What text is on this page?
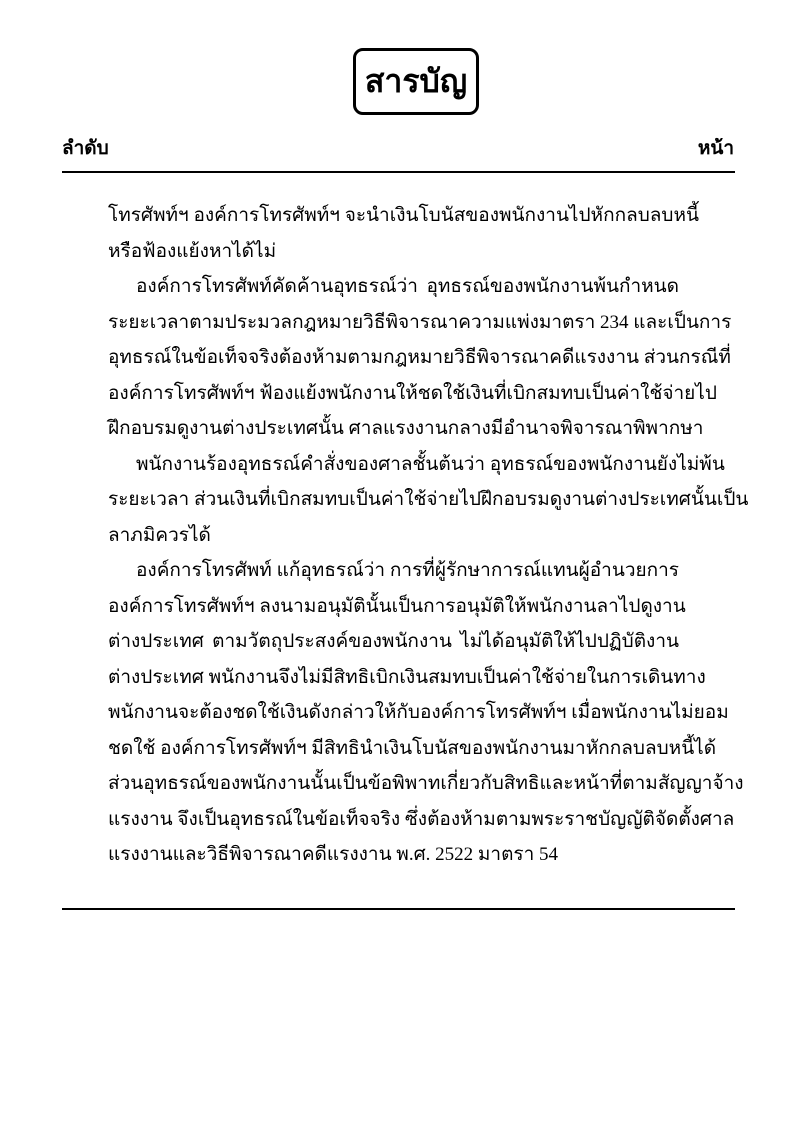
สารบัญ
ลำดับ	หน้า
โทรศัพท์ฯ องค์การโทรศัพท์ฯ จะนำเงินโบนัสของพนักงานไปหักกลบลบหนี้
หรือฟ้องแย้งหาได้ไม่
องค์การโทรศัพท์คัดค้านอุทธรณ์ว่า อุทธรณ์ของพนักงานพ้นกำหนด
ระยะเวลาตามประมวลกฎหมายวิธีพิจารณาความแพ่งมาตรา 234 และเป็นการ
อุทธรณ์ในข้อเท็จจริงต้องห้ามตามกฎหมายวิธีพิจารณาคดีแรงงาน ส่วนกรณีที่
องค์การโทรศัพท์ฯ ฟ้องแย้งพนักงานให้ชดใช้เงินที่เบิกสมทบเป็นค่าใช้จ่ายไป
ฝึกอบรมดูงานต่างประเทศนั้น ศาลแรงงานกลางมีอำนาจพิจารณาพิพากษา
พนักงานร้องอุทธรณ์คำสั่งของศาลชั้นต้นว่า อุทธรณ์ของพนักงานยังไม่พ้น
ระยะเวลา ส่วนเงินที่เบิกสมทบเป็นค่าใช้จ่ายไปฝึกอบรมดูงานต่างประเทศนั้นเป็น
ลาภมิควรได้
องค์การโทรศัพท์ แก้อุทธรณ์ว่า การที่ผู้รักษาการณ์แทนผู้อำนวยการ
องค์การโทรศัพท์ฯ ลงนามอนุมัตินั้นเป็นการอนุมัติให้พนักงานลาไปดูงาน
ต่างประเทศ ตามวัตถุประสงค์ของพนักงาน ไม่ได้อนุมัติให้ไปปฏิบัติงาน
ต่างประเทศ พนักงานจึงไม่มีสิทธิเบิกเงินสมทบเป็นค่าใช้จ่ายในการเดินทาง
พนักงานจะต้องชดใช้เงินดังกล่าวให้กับองค์การโทรศัพท์ฯ เมื่อพนักงานไม่ยอม
ชดใช้ องค์การโทรศัพท์ฯ มีสิทธินำเงินโบนัสของพนักงานมาหักกลบลบหนี้ได้
ส่วนอุทธรณ์ของพนักงานนั้นเป็นข้อพิพาทเกี่ยวกับสิทธิและหน้าที่ตามสัญญาจ้าง
แรงงาน จึงเป็นอุทธรณ์ในข้อเท็จจริง ซึ่งต้องห้ามตามพระราชบัญญัติจัดตั้งศาล
แรงงานและวิธีพิจารณาคดีแรงงาน พ.ศ. 2522 มาตรา 54
